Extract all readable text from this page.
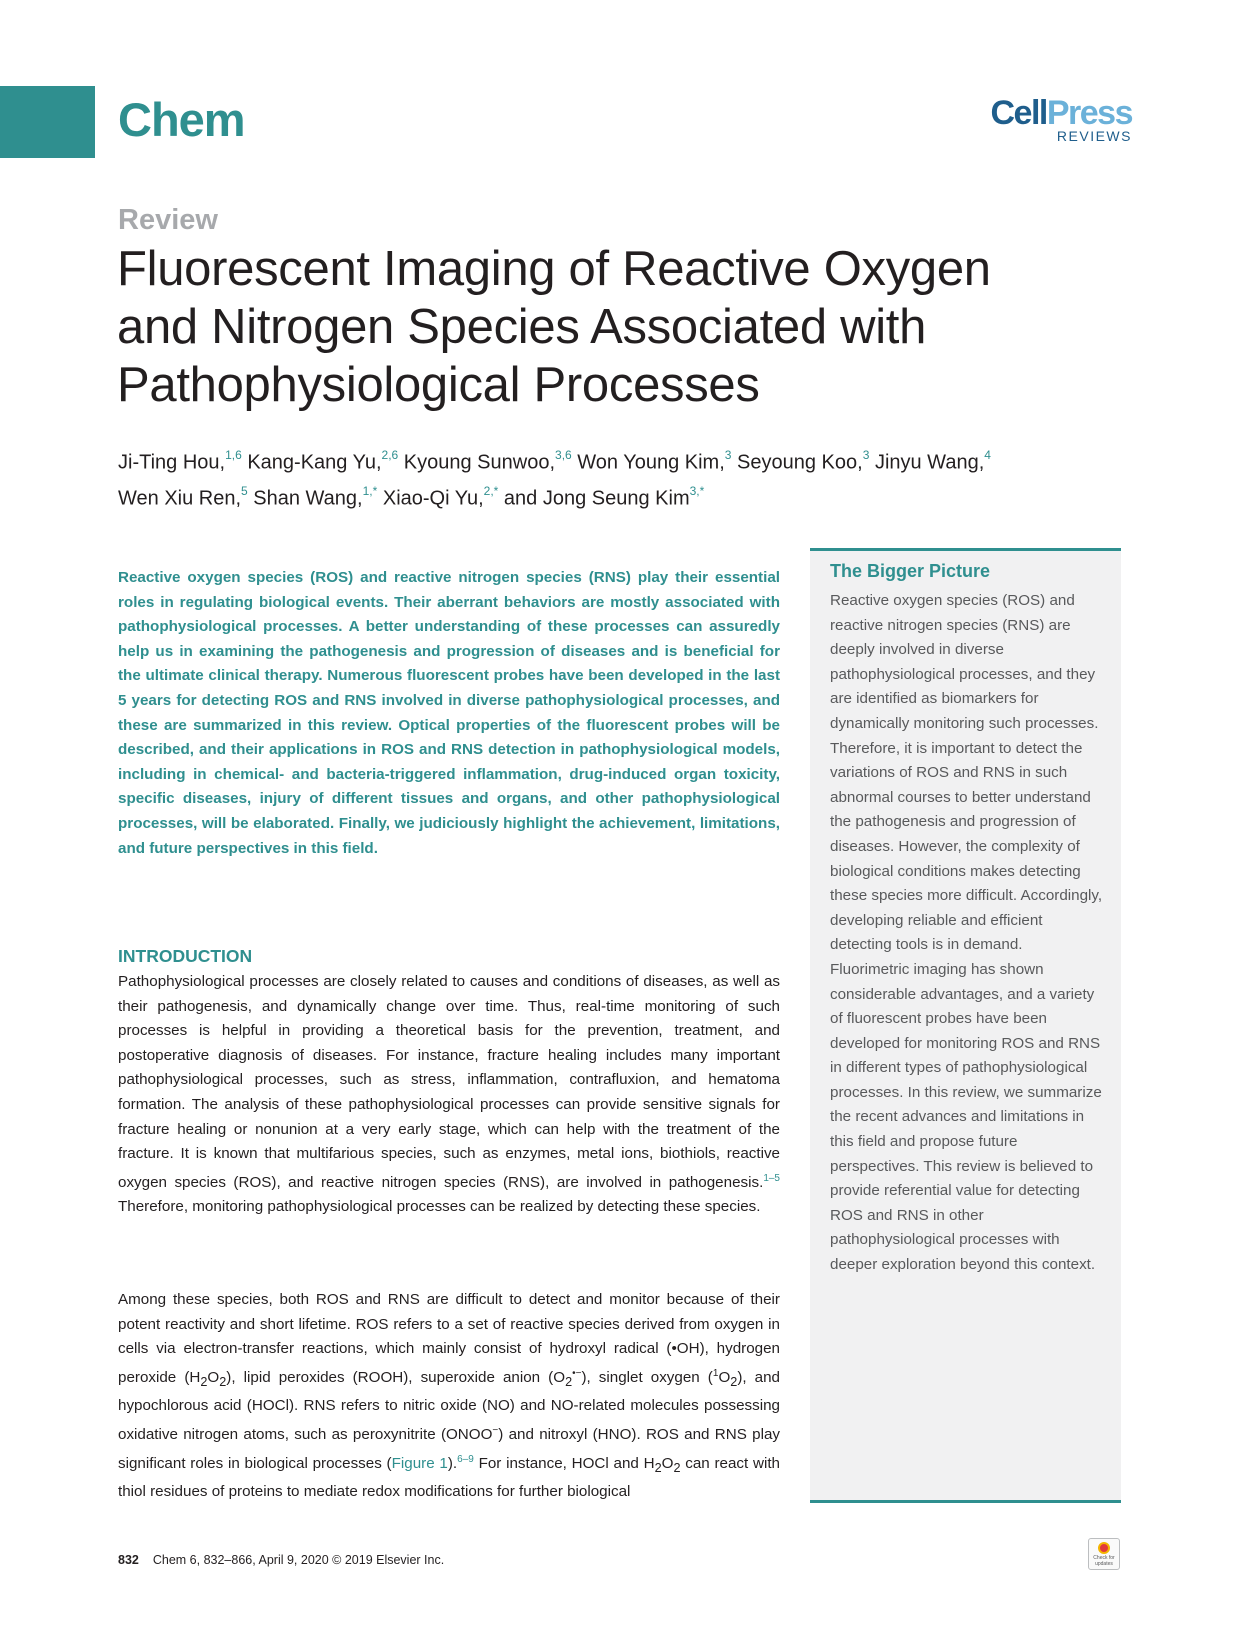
Chem	CellPress
REVIEWS
Review
Fluorescent Imaging of Reactive Oxygen and Nitrogen Species Associated with Pathophysiological Processes
Ji-Ting Hou,$^{1,6}$ Kang-Kang Yu,$^{2,6}$ Kyoung Sunwoo,$^{3,6}$ Won Young Kim,$^3$ Seyoung Koo,$^3$ Jinyu Wang,$^4$
Wen Xiu Ren,$^5$ Shan Wang,$^{1,*}$ Xiao-Qi Yu,$^{2,*}$ and Jong Seung Kim$^{3,*}$

Reactive oxygen species (ROS) and reactive nitrogen species (RNS) play their essential roles in regulating biological events. Their aberrant behaviors are mostly associated with pathophysiological processes. A better understanding of these processes can assuredly help us in examining the pathogenesis and progression of diseases and is beneficial for the ultimate clinical therapy. Numerous fluorescent probes have been developed in the last 5 years for detecting ROS and RNS involved in diverse pathophysiological processes, and these are summarized in this review. Optical properties of the fluorescent probes will be described, and their applications in ROS and RNS detection in pathophysiological models, including in chemical- and bacteria-triggered inflammation, drug-induced organ toxicity, specific diseases, injury of different tissues and organs, and other pathophysiological processes, will be elaborated. Finally, we judiciously highlight the achievement, limitations, and future perspectives in this field.

INTRODUCTION

Pathophysiological processes are closely related to causes and conditions of diseases, as well as their pathogenesis, and dynamically change over time. Thus, real-time monitoring of such processes is helpful in providing a theoretical basis for the prevention, treatment, and postoperative diagnosis of diseases. For instance, fracture healing includes many important pathophysiological processes, such as stress, inflammation, contrafluxion, and hematoma formation. The analysis of these pathophysiological processes can provide sensitive signals for fracture healing or nonunion at a very early stage, which can help with the treatment of the fracture. It is known that multifarious species, such as enzymes, metal ions, biothiols, reactive oxygen species (ROS), and reactive nitrogen species (RNS), are involved in pathogenesis.$^{1-5}$ Therefore, monitoring pathophysiological processes can be realized by detecting these species.

Among these species, both ROS and RNS are difficult to detect and monitor because of their potent reactivity and short lifetime. ROS refers to a set of reactive species derived from oxygen in cells via electron-transfer reactions, which mainly consist of hydroxyl radical (•OH), hydrogen peroxide $(H_2O_2)$, lipid peroxides (ROOH), superoxide anion $(O_2^{•-})$, singlet oxygen $(^1O_2)$, and hypochlorous acid (HOCl). RNS refers to nitric oxide (NO) and NO-related molecules possessing oxidative nitrogen atoms, such as peroxynitrite (ONOO−) and nitroxyl (HNO). ROS and RNS play significant roles in biological processes (Figure 1).$^{6-9}$ For instance, HOCl and $H_2O_2$ can react with thiol residues of proteins to mediate redox modifications for further biological

The Bigger Picture

Reactive oxygen species (ROS) and reactive nitrogen species (RNS) are deeply involved in diverse pathophysiological processes, and they are identified as biomarkers for dynamically monitoring such processes. Therefore, it is important to detect the variations of ROS and RNS in such abnormal courses to better understand the pathogenesis and progression of diseases. However, the complexity of biological conditions makes detecting these species more difficult. Accordingly, developing reliable and efficient detecting tools is in demand. Fluorimetric imaging has shown considerable advantages, and a variety of fluorescent probes have been developed for monitoring ROS and RNS in different types of pathophysiological processes. In this review, we summarize the recent advances and limitations in this field and propose future perspectives. This review is believed to provide referential value for detecting ROS and RNS in other pathophysiological processes with deeper exploration beyond this context.

832 Chem 6, 832–866, April 9, 2020 © 2019 Elsevier Inc.	Check for updates
